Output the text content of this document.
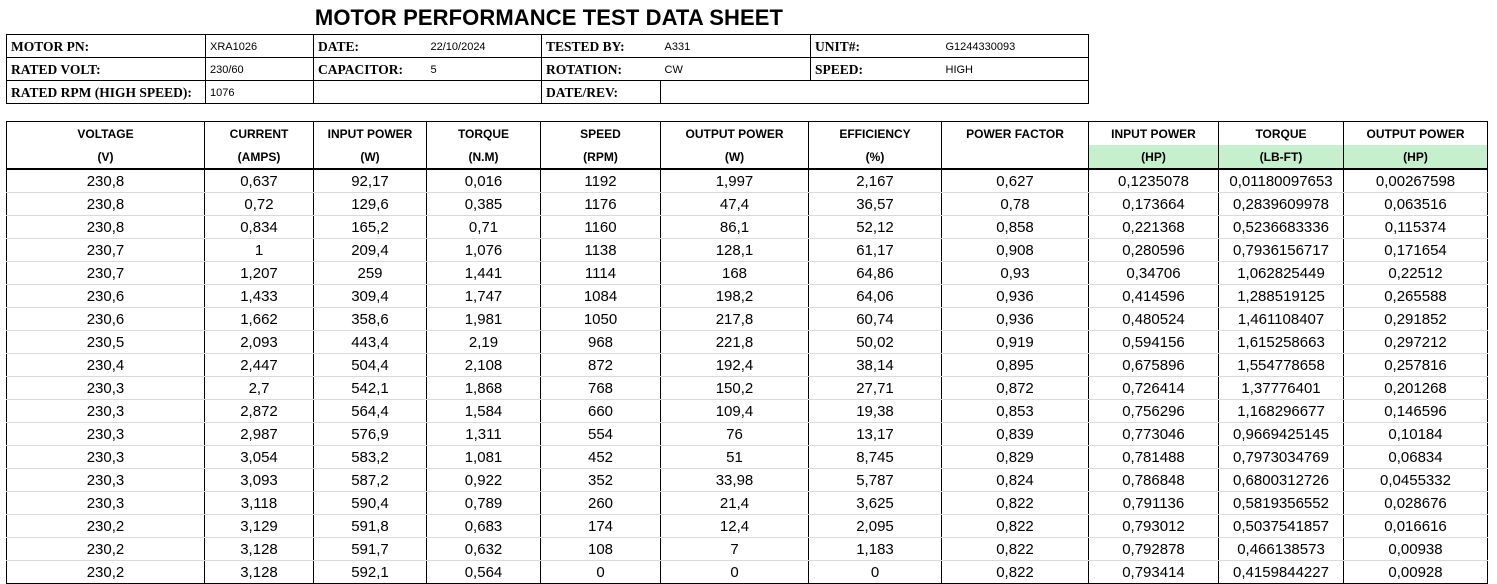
MOTOR PERFORMANCE TEST DATA SHEET
MOTOR PN:	XRA1026	DATE:	22/10/2024	TESTED BY:	A331	UNIT#:	G1244330093
RATED VOLT:	230/60	CAPACITOR:	5	ROTATION:	CW	SPEED:	HIGH
RATED RPM (HIGH SPEED):	1076			DATE/REV:			
VOLTAGE	CURRENT	INPUT POWER	TORQUE	SPEED	OUTPUT POWER	EFFICIENCY	POWER FACTOR	INPUT POWER	TORQUE	OUTPUT POWER
(V)	(AMPS)	(W)	(N.M)	(RPM)	(W)	(%)		(HP)	(LB-FT)	(HP)
230,8	0,637	92,17	0,016	1192	1,997	2,167	0,627	0,1235078	0,01180097653	0,00267598
230,8	0,72	129,6	0,385	1176	47,4	36,57	0,78	0,173664	0,2839609978	0,063516
230,8	0,834	165,2	0,71	1160	86,1	52,12	0,858	0,221368	0,5236683336	0,115374
230,7	1	209,4	1,076	1138	128,1	61,17	0,908	0,280596	0,7936156717	0,171654
230,7	1,207	259	1,441	1114	168	64,86	0,93	0,34706	1,062825449	0,22512
230,6	1,433	309,4	1,747	1084	198,2	64,06	0,936	0,414596	1,288519125	0,265588
230,6	1,662	358,6	1,981	1050	217,8	60,74	0,936	0,480524	1,461108407	0,291852
230,5	2,093	443,4	2,19	968	221,8	50,02	0,919	0,594156	1,615258663	0,297212
230,4	2,447	504,4	2,108	872	192,4	38,14	0,895	0,675896	1,554778658	0,257816
230,3	2,7	542,1	1,868	768	150,2	27,71	0,872	0,726414	1,37776401	0,201268
230,3	2,872	564,4	1,584	660	109,4	19,38	0,853	0,756296	1,168296677	0,146596
230,3	2,987	576,9	1,311	554	76	13,17	0,839	0,773046	0,9669425145	0,10184
230,3	3,054	583,2	1,081	452	51	8,745	0,829	0,781488	0,7973034769	0,06834
230,3	3,093	587,2	0,922	352	33,98	5,787	0,824	0,786848	0,6800312726	0,0455332
230,3	3,118	590,4	0,789	260	21,4	3,625	0,822	0,791136	0,5819356552	0,028676
230,2	3,129	591,8	0,683	174	12,4	2,095	0,822	0,793012	0,5037541857	0,016616
230,2	3,128	591,7	0,632	108	7	1,183	0,822	0,792878	0,466138573	0,00938
230,2	3,128	592,1	0,564	0	0	0	0,822	0,793414	0,4159844227	0,00928
